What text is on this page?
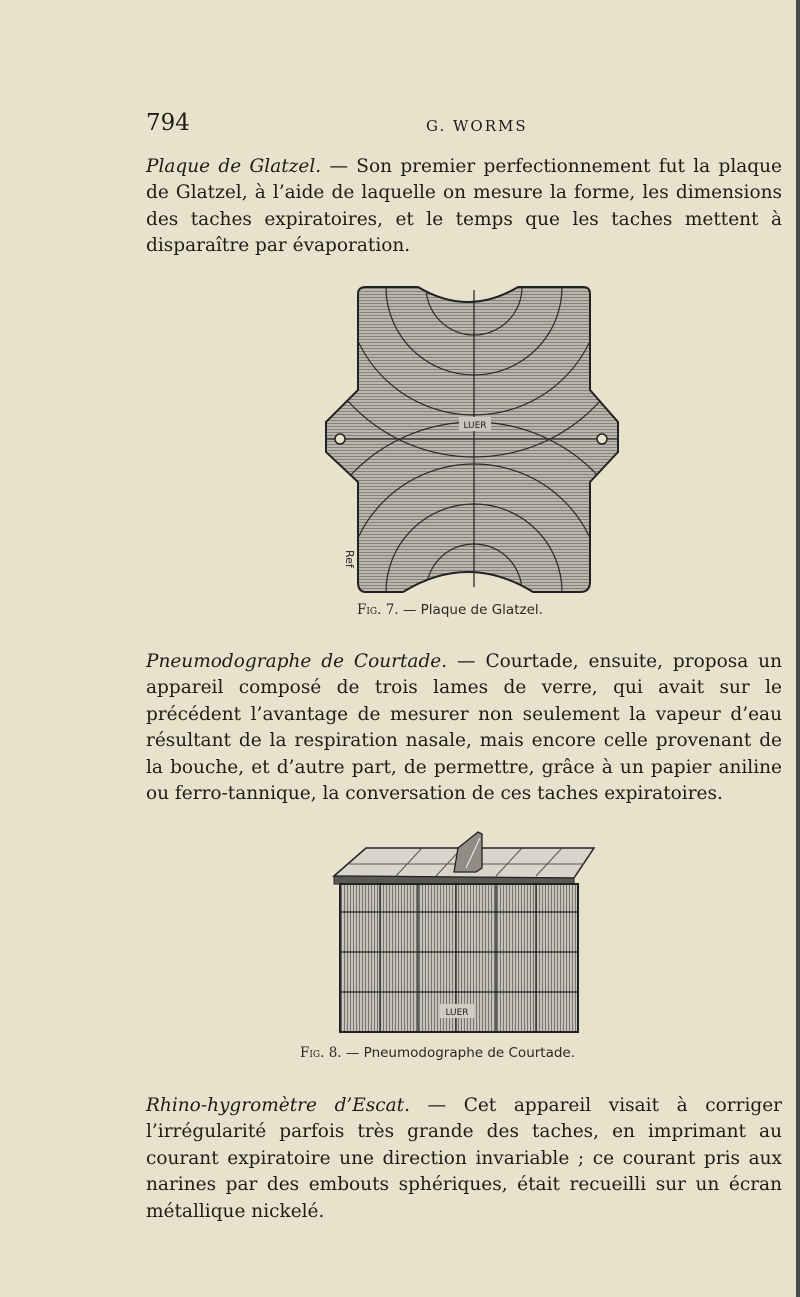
794	G. WORMS

Plaque de Glatzel. — Son premier perfectionnement fut la plaque de Glatzel, à l’aide de laquelle on mesure la forme, les dimensions des taches expiratoires, et le temps que les taches mettent à disparaître par évaporation.

LUER
Ref
Fig. 7. — Plaque de Glatzel.

Pneumodographe de Courtade. — Courtade, ensuite, proposa un appareil composé de trois lames de verre, qui avait sur le précédent l’avantage de mesurer non seulement la vapeur d’eau résultant de la respiration nasale, mais encore celle provenant de la bouche, et d’autre part, de permettre, grâce à un papier aniline ou ferro-tannique, la conversation de ces taches expiratoires.

LUER
Fig. 8. — Pneumodographe de Courtade.

Rhino-hygromètre d’Escat. — Cet appareil visait à corriger l’irrégularité parfois très grande des taches, en imprimant au courant expiratoire une direction invariable ; ce courant pris aux narines par des embouts sphériques, était recueilli sur un écran métallique nickelé.
